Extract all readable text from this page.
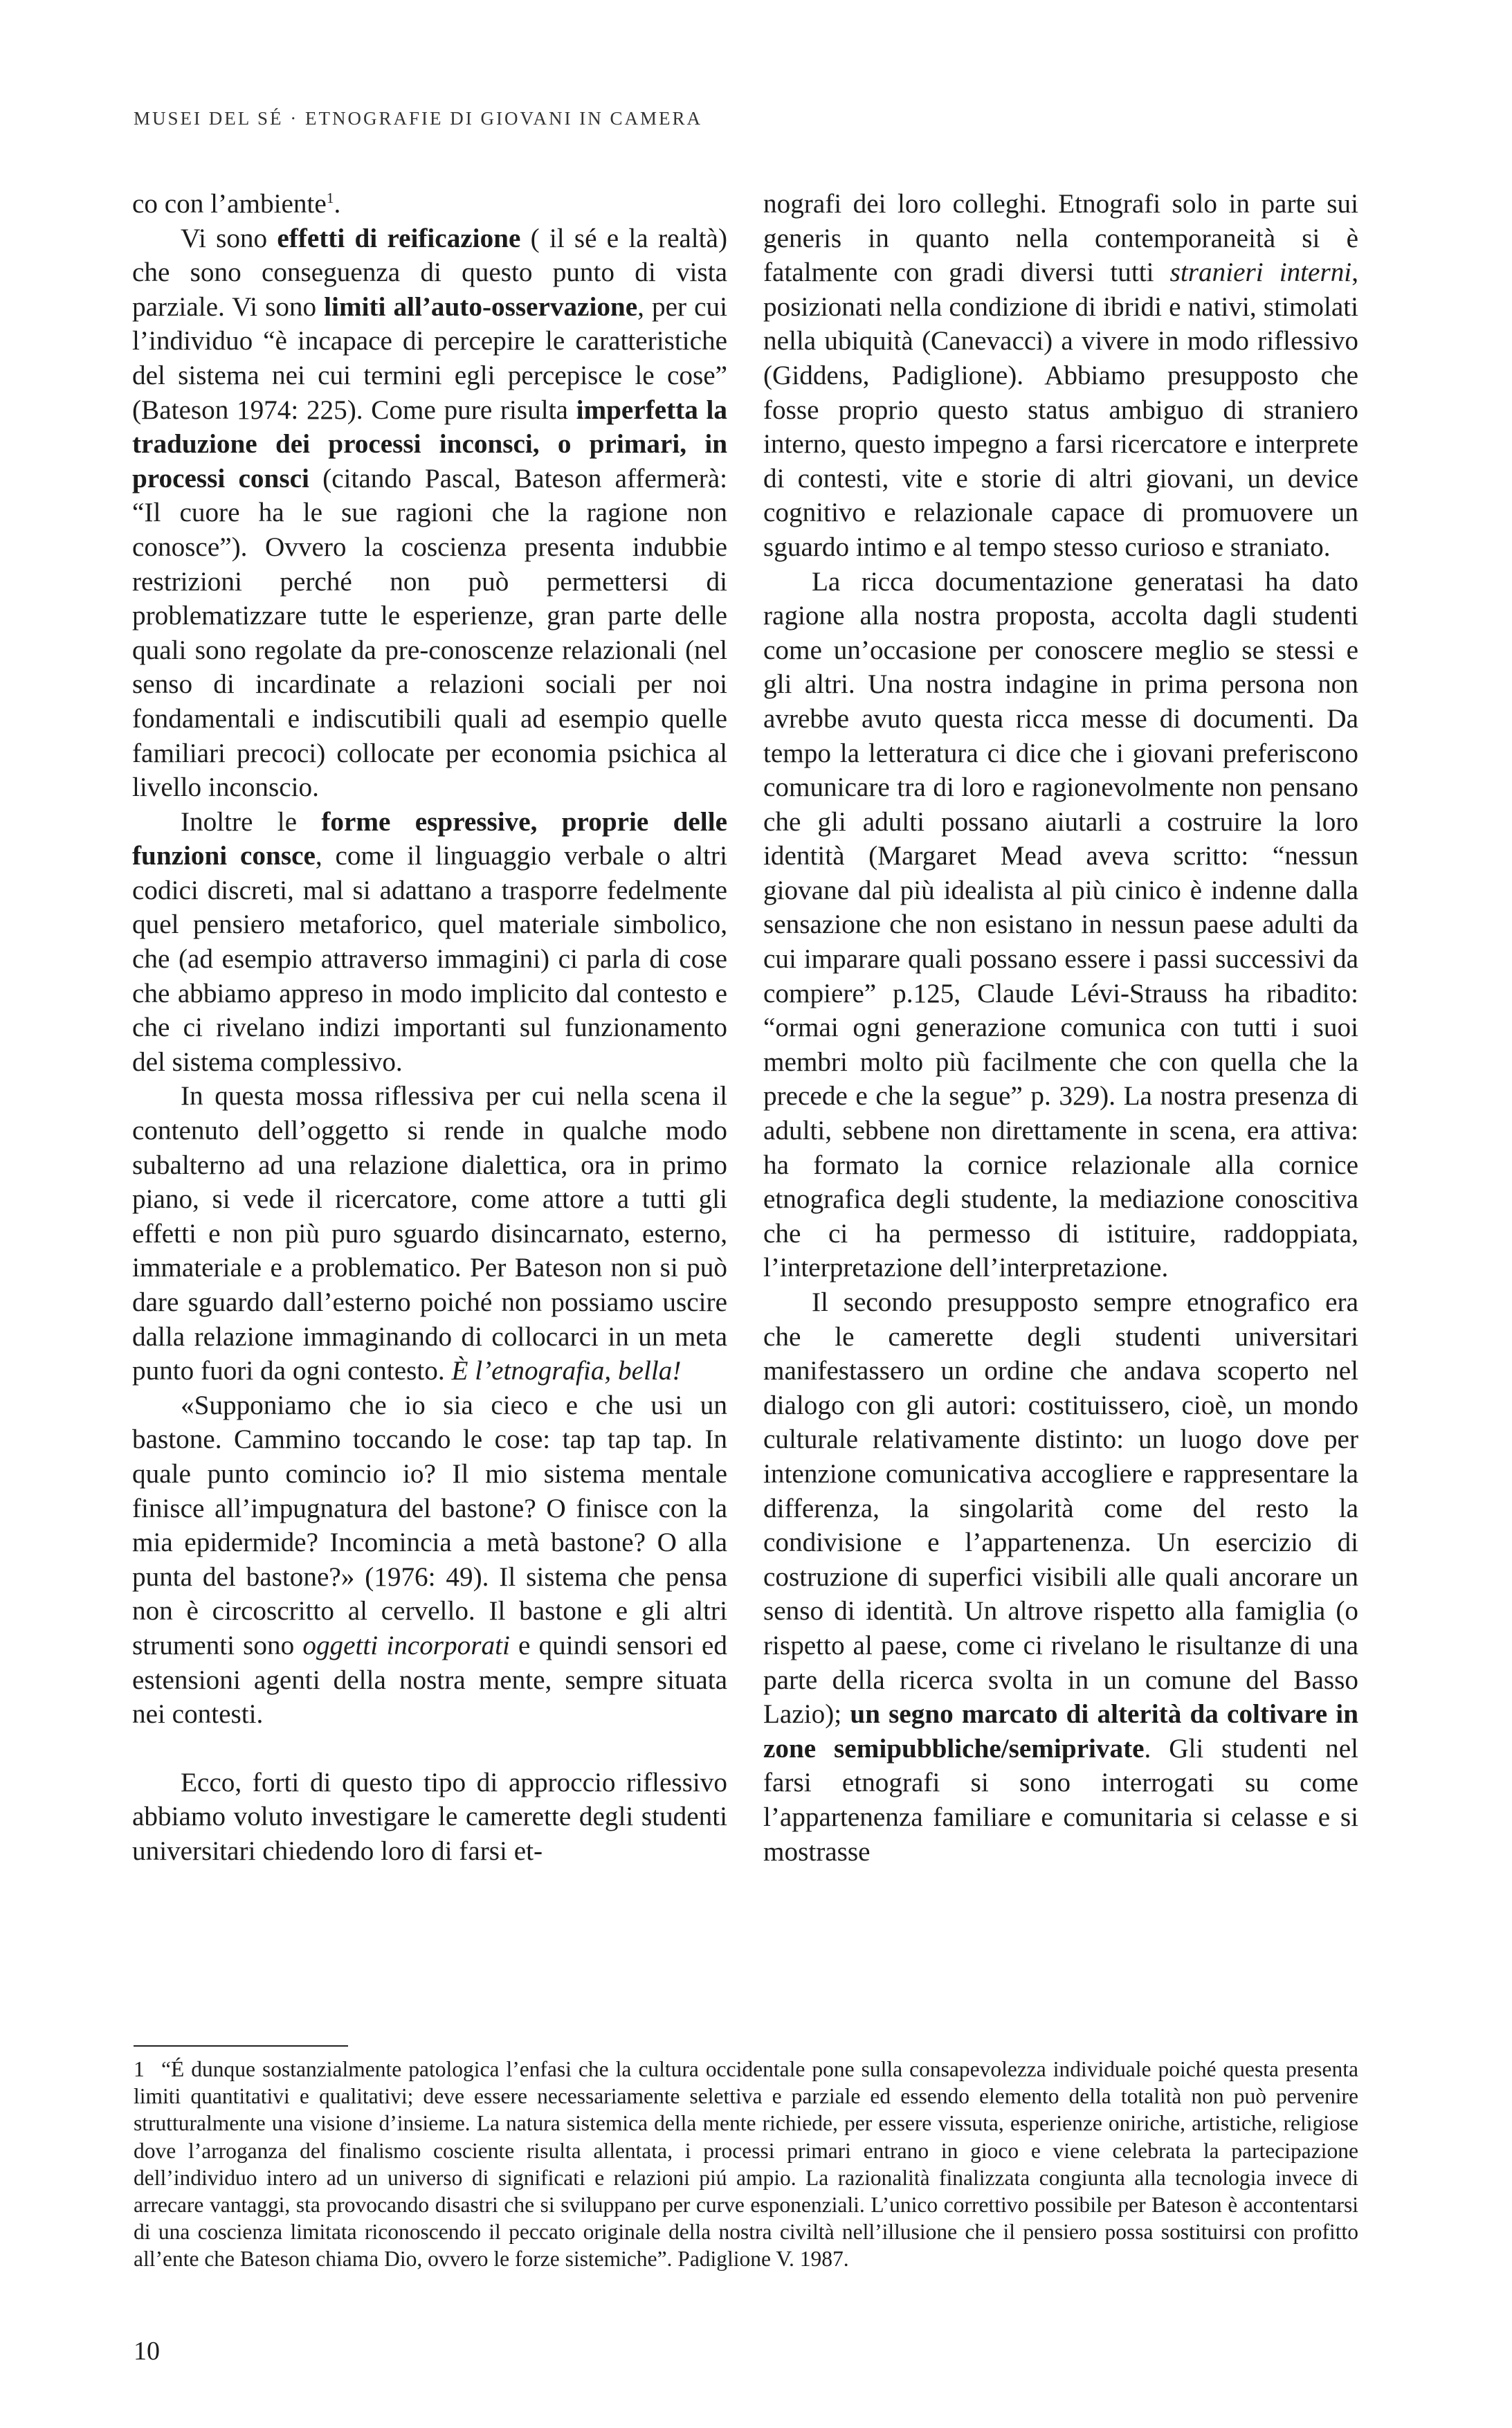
MUSEI DEL SÉ · ETNOGRAFIE DI GIOVANI IN CAMERA

co con l’ambiente$^1$.

Vi sono effetti di reificazione ( il sé e la realtà) che sono conseguenza di questo punto di vista parziale. Vi sono limiti all’auto-osservazione, per cui l’individuo “è incapace di percepire le caratteristiche del sistema nei cui termini egli percepisce le cose” (Bateson 1974: 225). Come pure risulta imperfetta la traduzione dei processi inconsci, o primari, in processi consci (citando Pascal, Bateson affermerà: “Il cuore ha le sue ragioni che la ragione non conosce”). Ovvero la coscienza presenta indubbie restrizioni perché non può permettersi di problematizzare tutte le esperienze, gran parte delle quali sono regolate da pre-conoscenze relazionali (nel senso di incardinate a relazioni sociali per noi fondamentali e indiscutibili quali ad esempio quelle familiari precoci) collocate per economia psichica al livello inconscio.

Inoltre le forme espressive, proprie delle funzioni consce, come il linguaggio verbale o altri codici discreti, mal si adattano a trasporre fedelmente quel pensiero metaforico, quel materiale simbolico, che (ad esempio attraverso immagini) ci parla di cose che abbiamo appreso in modo implicito dal contesto e che ci rivelano indizi importanti sul funzionamento del sistema complessivo.

In questa mossa riflessiva per cui nella scena il contenuto dell’oggetto si rende in qualche modo subalterno ad una relazione dialettica, ora in primo piano, si vede il ricercatore, come attore a tutti gli effetti e non più puro sguardo disincarnato, esterno, immateriale e a problematico. Per Bateson non si può dare sguardo dall’esterno poiché non possiamo uscire dalla relazione immaginando di collocarci in un meta punto fuori da ogni contesto. È l’etnografia, bella!

«Supponiamo che io sia cieco e che usi un bastone. Cammino toccando le cose: tap tap tap. In quale punto comincio io? Il mio sistema mentale finisce all’impugnatura del bastone? O finisce con la mia epidermide? Incomincia a metà bastone? O alla punta del bastone?» (1976: 49). Il sistema che pensa non è circoscritto al cervello. Il bastone e gli altri strumenti sono oggetti incorporati e quindi sensori ed estensioni agenti della nostra mente, sempre situata nei contesti.

Ecco, forti di questo tipo di approccio riflessivo abbiamo voluto investigare le camerette degli studenti universitari chiedendo loro di farsi et-

nografi dei loro colleghi. Etnografi solo in parte sui generis in quanto nella contemporaneità si è fatalmente con gradi diversi tutti stranieri interni, posizionati nella condizione di ibridi e nativi, stimolati nella ubiquità (Canevacci) a vivere in modo riflessivo (Giddens, Padiglione). Abbiamo presupposto che fosse proprio questo status ambiguo di straniero interno, questo impegno a farsi ricercatore e interprete di contesti, vite e storie di altri giovani, un device cognitivo e relazionale capace di promuovere un sguardo intimo e al tempo stesso curioso e straniato.

La ricca documentazione generatasi ha dato ragione alla nostra proposta, accolta dagli studenti come un’occasione per conoscere meglio se stessi e gli altri. Una nostra indagine in prima persona non avrebbe avuto questa ricca messe di documenti. Da tempo la letteratura ci dice che i giovani preferiscono comunicare tra di loro e ragionevolmente non pensano che gli adulti possano aiutarli a costruire la loro identità (Margaret Mead aveva scritto: “nessun giovane dal più idealista al più cinico è indenne dalla sensazione che non esistano in nessun paese adulti da cui imparare quali possano essere i passi successivi da compiere” p.125, Claude Lévi-Strauss ha ribadito: “ormai ogni generazione comunica con tutti i suoi membri molto più facilmente che con quella che la precede e che la segue” p. 329). La nostra presenza di adulti, sebbene non direttamente in scena, era attiva: ha formato la cornice relazionale alla cornice etnografica degli studente, la mediazione conoscitiva che ci ha permesso di istituire, raddoppiata, l’interpretazione dell’interpretazione.

Il secondo presupposto sempre etnografico era che le camerette degli studenti universitari manifestassero un ordine che andava scoperto nel dialogo con gli autori: costituissero, cioè, un mondo culturale relativamente distinto: un luogo dove per intenzione comunicativa accogliere e rappresentare la differenza, la singolarità come del resto la condivisione e l’appartenenza. Un esercizio di costruzione di superfici visibili alle quali ancorare un senso di identità. Un altrove rispetto alla famiglia (o rispetto al paese, come ci rivelano le risultanze di una parte della ricerca svolta in un comune del Basso Lazio); un segno marcato di alterità da coltivare in zone semipubbliche/semiprivate. Gli studenti nel farsi etnografi si sono interrogati su come l’appartenenza familiare e comunitaria si celasse e si mostrasse

1 “É dunque sostanzialmente patologica l’enfasi che la cultura occidentale pone sulla consapevolezza individuale poiché questa presenta limiti quantitativi e qualitativi; deve essere necessariamente selettiva e parziale ed essendo elemento della totalità non può pervenire strutturalmente una visione d’insieme. La natura sistemica della mente richiede, per essere vissuta, esperienze oniriche, artistiche, religiose dove l’arroganza del finalismo cosciente risulta allentata, i processi primari entrano in gioco e viene celebrata la partecipazione dell’individuo intero ad un universo di significati e relazioni piú ampio. La razionalità finalizzata congiunta alla tecnologia invece di arrecare vantaggi, sta provocando disastri che si sviluppano per curve esponenziali. L’unico correttivo possibile per Bateson è accontentarsi di una coscienza limitata riconoscendo il peccato originale della nostra civiltà nell’illusione che il pensiero possa sostituirsi con profitto all’ente che Bateson chiama Dio, ovvero le forze sistemiche”. Padiglione V. 1987.
10
